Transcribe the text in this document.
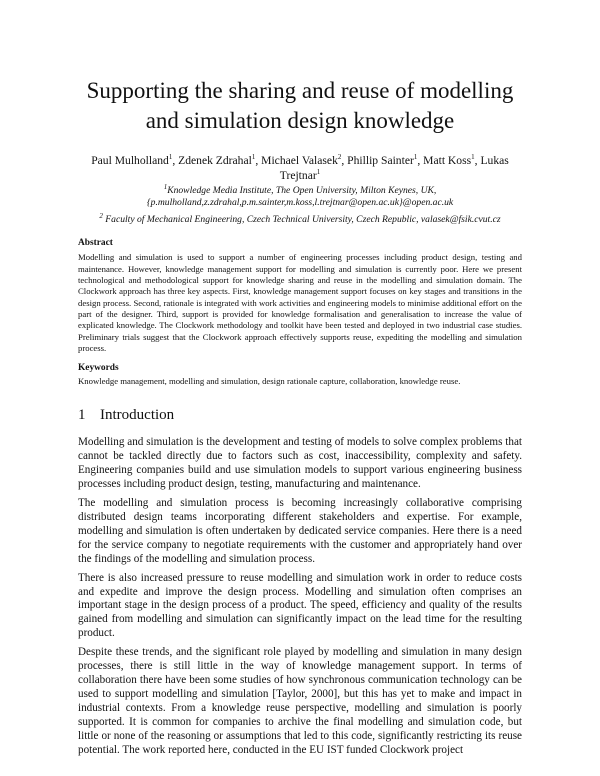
Supporting the sharing and reuse of modelling and simulation design knowledge

Paul Mulholland$^1$, Zdenek Zdrahal$^1$, Michael Valasek$^2$, Phillip Sainter$^1$, Matt Koss$^1$, Lukas Trejtnar$^1$

$^1$Knowledge Media Institute, The Open University, Milton Keynes, UK,
{p.mulholland,z.zdrahal,p.m.sainter,m.koss,l.trejtnar@open.ac.uk}@open.ac.uk

$^2$ Faculty of Mechanical Engineering, Czech Technical University, Czech Republic, valasek@fsik.cvut.cz

Abstract

Modelling and simulation is used to support a number of engineering processes including product design, testing and maintenance. However, knowledge management support for modelling and simulation is currently poor. Here we present technological and methodological support for knowledge sharing and reuse in the modelling and simulation domain. The Clockwork approach has three key aspects. First, knowledge management support focuses on key stages and transitions in the design process. Second, rationale is integrated with work activities and engineering models to minimise additional effort on the part of the designer. Third, support is provided for knowledge formalisation and generalisation to increase the value of explicated knowledge. The Clockwork methodology and toolkit have been tested and deployed in two industrial case studies. Preliminary trials suggest that the Clockwork approach effectively supports reuse, expediting the modelling and simulation process.

Keywords

Knowledge management, modelling and simulation, design rationale capture, collaboration, knowledge reuse.

1 Introduction

Modelling and simulation is the development and testing of models to solve complex problems that cannot be tackled directly due to factors such as cost, inaccessibility, complexity and safety. Engineering companies build and use simulation models to support various engineering business processes including product design, testing, manufacturing and maintenance.

The modelling and simulation process is becoming increasingly collaborative comprising distributed design teams incorporating different stakeholders and expertise. For example, modelling and simulation is often undertaken by dedicated service companies. Here there is a need for the service company to negotiate requirements with the customer and appropriately hand over the findings of the modelling and simulation process.

There is also increased pressure to reuse modelling and simulation work in order to reduce costs and expedite and improve the design process. Modelling and simulation often comprises an important stage in the design process of a product. The speed, efficiency and quality of the results gained from modelling and simulation can significantly impact on the lead time for the resulting product.

Despite these trends, and the significant role played by modelling and simulation in many design processes, there is still little in the way of knowledge management support. In terms of collaboration there have been some studies of how synchronous communication technology can be used to support modelling and simulation [Taylor, 2000], but this has yet to make and impact in industrial contexts. From a knowledge reuse perspective, modelling and simulation is poorly supported. It is common for companies to archive the final modelling and simulation code, but little or none of the reasoning or assumptions that led to this code, significantly restricting its reuse potential. The work reported here, conducted in the EU IST funded Clockwork project
